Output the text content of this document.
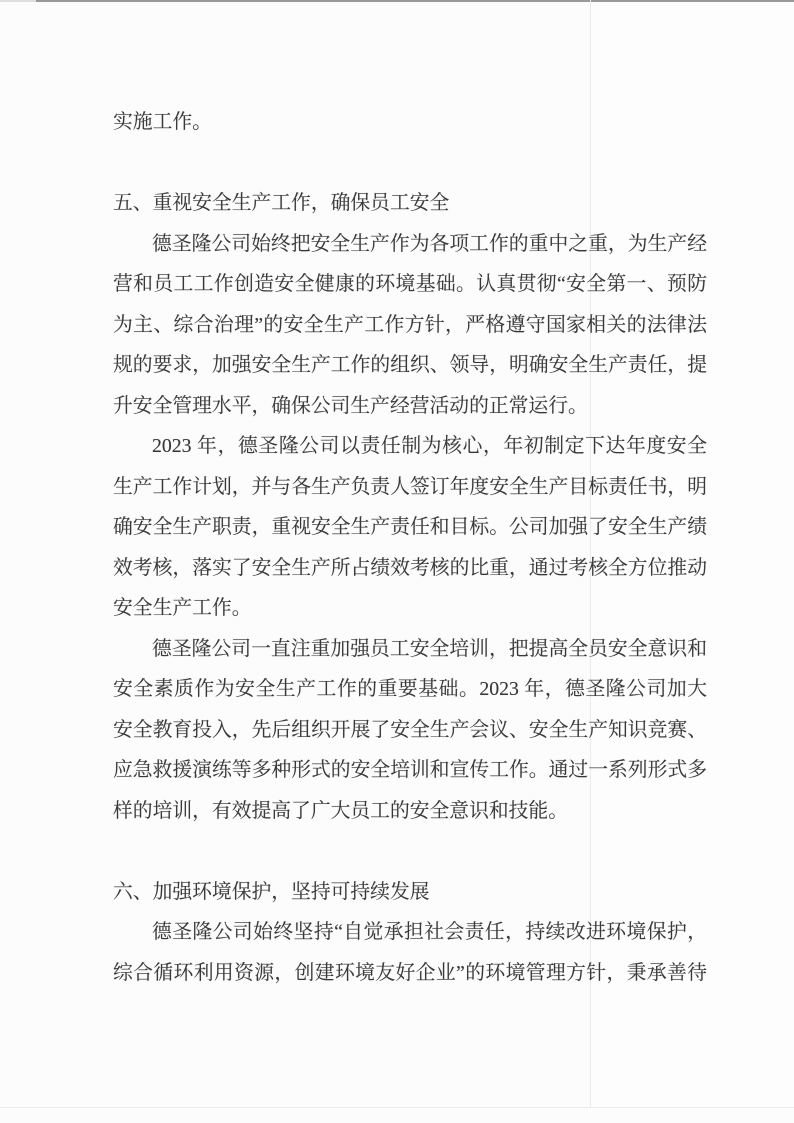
实施工作。
五、重视安全生产工作，确保员工安全
德圣隆公司始终把安全生产作为各项工作的重中之重，为生产经
营和员工工作创造安全健康的环境基础。认真贯彻“安全第一、预防
为主、综合治理”的安全生产工作方针，严格遵守国家相关的法律法
规的要求，加强安全生产工作的组织、领导，明确安全生产责任，提
升安全管理水平，确保公司生产经营活动的正常运行。
2023 年，德圣隆公司以责任制为核心，年初制定下达年度安全
生产工作计划，并与各生产负责人签订年度安全生产目标责任书，明
确安全生产职责，重视安全生产责任和目标。公司加强了安全生产绩
效考核，落实了安全生产所占绩效考核的比重，通过考核全方位推动
安全生产工作。
德圣隆公司一直注重加强员工安全培训，把提高全员安全意识和
安全素质作为安全生产工作的重要基础。2023 年，德圣隆公司加大
安全教育投入，先后组织开展了安全生产会议、安全生产知识竞赛、
应急救援演练等多种形式的安全培训和宣传工作。通过一系列形式多
样的培训，有效提高了广大员工的安全意识和技能。
六、加强环境保护，坚持可持续发展
德圣隆公司始终坚持“自觉承担社会责任，持续改进环境保护，
综合循环利用资源，创建环境友好企业”的环境管理方针，秉承善待
